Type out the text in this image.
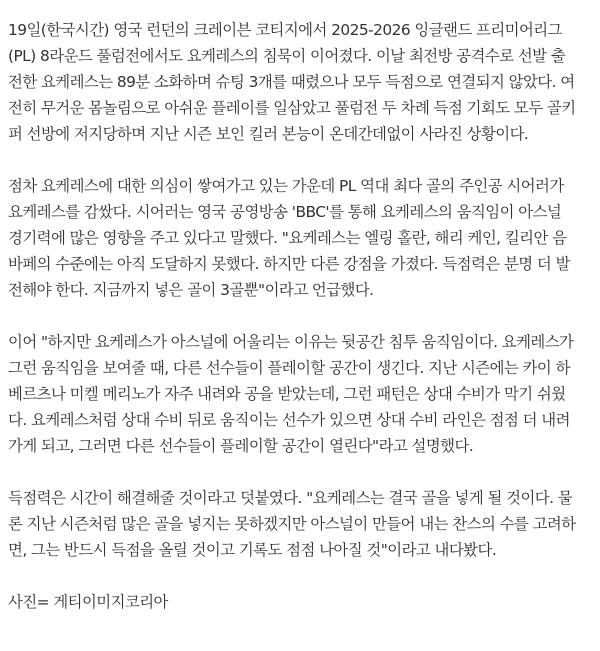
19일(한국시간) 영국 런던의 크레이븐 코티지에서 2025-2026 잉글랜드 프리미어리그
(PL) 8라운드 풀럼전에서도 요케레스의 침묵이 이어졌다. 이날 최전방 공격수로 선발 출
전한 요케레스는 89분 소화하며 슈팅 3개를 때렸으나 모두 득점으로 연결되지 않았다. 여
전히 무거운 몸놀림으로 아쉬운 플레이를 일삼았고 풀럼전 두 차례 득점 기회도 모두 골키
퍼 선방에 저지당하며 지난 시즌 보인 킬러 본능이 온데간데없이 사라진 상황이다.
점차 요케레스에 대한 의심이 쌓여가고 있는 가운데 PL 역대 최다 골의 주인공 시어러가
요케레스를 감쌌다. 시어러는 영국 공영방송 'BBC'를 통해 요케레스의 움직임이 아스널
경기력에 많은 영향을 주고 있다고 말했다. "요케레스는 엘링 홀란, 해리 케인, 킬리안 음
바페의 수준에는 아직 도달하지 못했다. 하지만 다른 강점을 가졌다. 득점력은 분명 더 발
전해야 한다. 지금까지 넣은 골이 3골뿐"이라고 언급했다.
이어 "하지만 요케레스가 아스널에 어울리는 이유는 뒷공간 침투 움직임이다. 요케레스가
그런 움직임을 보여줄 때, 다른 선수들이 플레이할 공간이 생긴다. 지난 시즌에는 카이 하
베르츠나 미켈 메리노가 자주 내려와 공을 받았는데, 그런 패턴은 상대 수비가 막기 쉬웠
다. 요케레스처럼 상대 수비 뒤로 움직이는 선수가 있으면 상대 수비 라인은 점점 더 내려
가게 되고, 그러면 다른 선수들이 플레이할 공간이 열린다"라고 설명했다.
득점력은 시간이 해결해줄 것이라고 덧붙였다. "요케레스는 결국 골을 넣게 될 것이다. 물
론 지난 시즌처럼 많은 골을 넣지는 못하겠지만 아스널이 만들어 내는 찬스의 수를 고려하
면, 그는 반드시 득점을 올릴 것이고 기록도 점점 나아질 것"이라고 내다봤다.
사진= 게티이미지코리아
